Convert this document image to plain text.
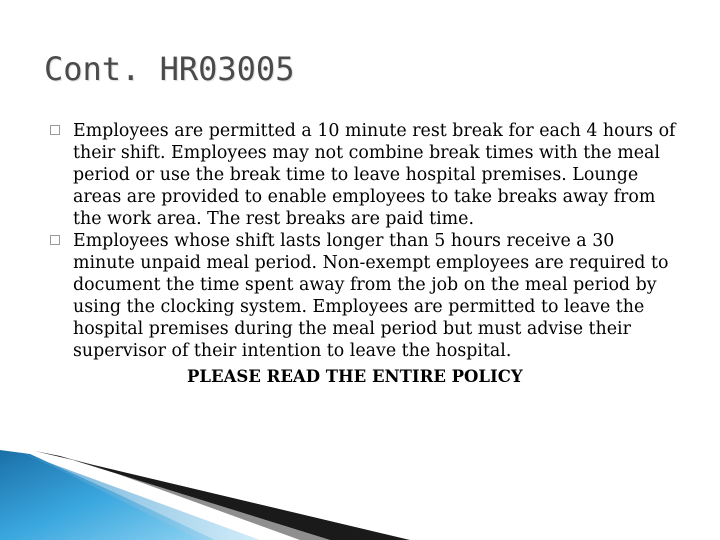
Cont. HR03005

Employees are permitted a 10 minute rest break for each 4 hours of their shift. Employees may not combine break times with the meal period or use the break time to leave hospital premises. Lounge areas are provided to enable employees to take breaks away from the work area. The rest breaks are paid time.

Employees whose shift lasts longer than 5 hours receive a 30 minute unpaid meal period. Non-exempt employees are required to document the time spent away from the job on the meal period by using the clocking system. Employees are permitted to leave the hospital premises during the meal period but must advise their supervisor of their intention to leave the hospital.

PLEASE READ THE ENTIRE POLICY
